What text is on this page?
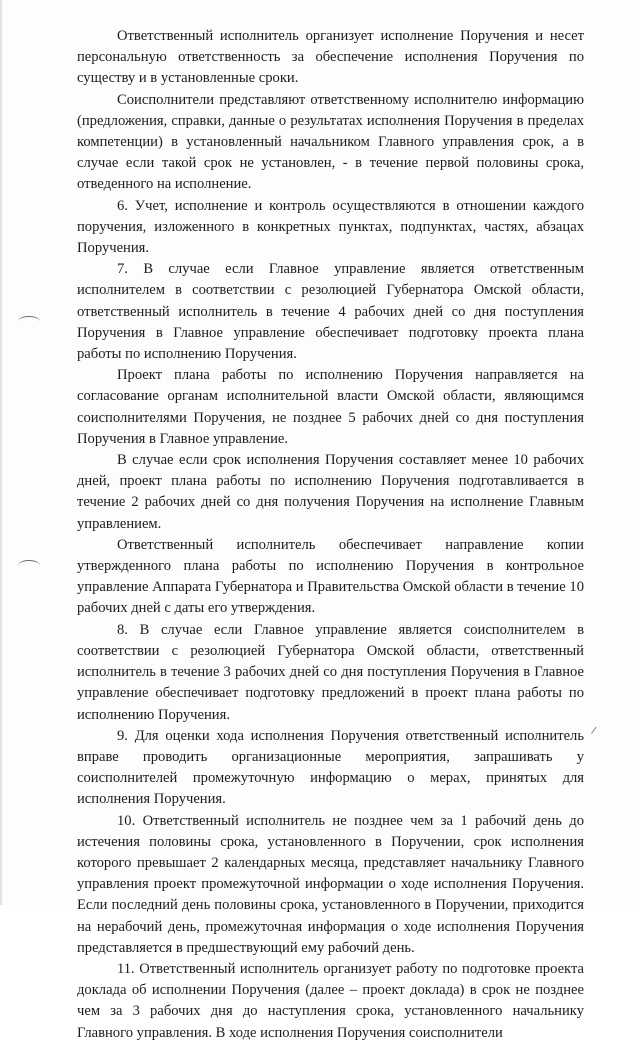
Ответственный исполнитель организует исполнение Поручения и несет персональную ответственность за обеспечение исполнения Поручения по существу и в установленные сроки.

Соисполнители представляют ответственному исполнителю информацию (предложения, справки, данные о результатах исполнения Поручения в пределах компетенции) в установленный начальником Главного управления срок, а в случае если такой срок не установлен, - в течение первой половины срока, отведенного на исполнение.

6. Учет, исполнение и контроль осуществляются в отношении каждого поручения, изложенного в конкретных пунктах, подпунктах, частях, абзацах Поручения.

7. В случае если Главное управление является ответственным исполнителем в соответствии с резолюцией Губернатора Омской области, ответственный исполнитель в течение 4 рабочих дней со дня поступления Поручения в Главное управление обеспечивает подготовку проекта плана работы по исполнению Поручения.

Проект плана работы по исполнению Поручения направляется на согласование органам исполнительной власти Омской области, являющимся соисполнителями Поручения, не позднее 5 рабочих дней со дня поступления Поручения в Главное управление.

В случае если срок исполнения Поручения составляет менее 10 рабочих дней, проект плана работы по исполнению Поручения подготавливается в течение 2 рабочих дней со дня получения Поручения на исполнение Главным управлением.

Ответственный исполнитель обеспечивает направление копии утвержденного плана работы по исполнению Поручения в контрольное управление Аппарата Губернатора и Правительства Омской области в течение 10 рабочих дней с даты его утверждения.

8. В случае если Главное управление является соисполнителем в соответствии с резолюцией Губернатора Омской области, ответственный исполнитель в течение 3 рабочих дней со дня поступления Поручения в Главное управление обеспечивает подготовку предложений в проект плана работы по исполнению Поручения.

9. Для оценки хода исполнения Поручения ответственный исполнитель вправе проводить организационные мероприятия, запрашивать у соисполнителей промежуточную информацию о мерах, принятых для исполнения Поручения.

10. Ответственный исполнитель не позднее чем за 1 рабочий день до истечения половины срока, установленного в Поручении, срок исполнения которого превышает 2 календарных месяца, представляет начальнику Главного управления проект промежуточной информации о ходе исполнения Поручения. Если последний день половины срока, установленного в Поручении, приходится на нерабочий день, промежуточная информация о ходе исполнения Поручения представляется в предшествующий ему рабочий день.

11. Ответственный исполнитель организует работу по подготовке проекта доклада об исполнении Поручения (далее – проект доклада) в срок не позднее чем за 3 рабочих дня до наступления срока, установленного начальнику Главного управления. В ходе исполнения Поручения соисполнители
